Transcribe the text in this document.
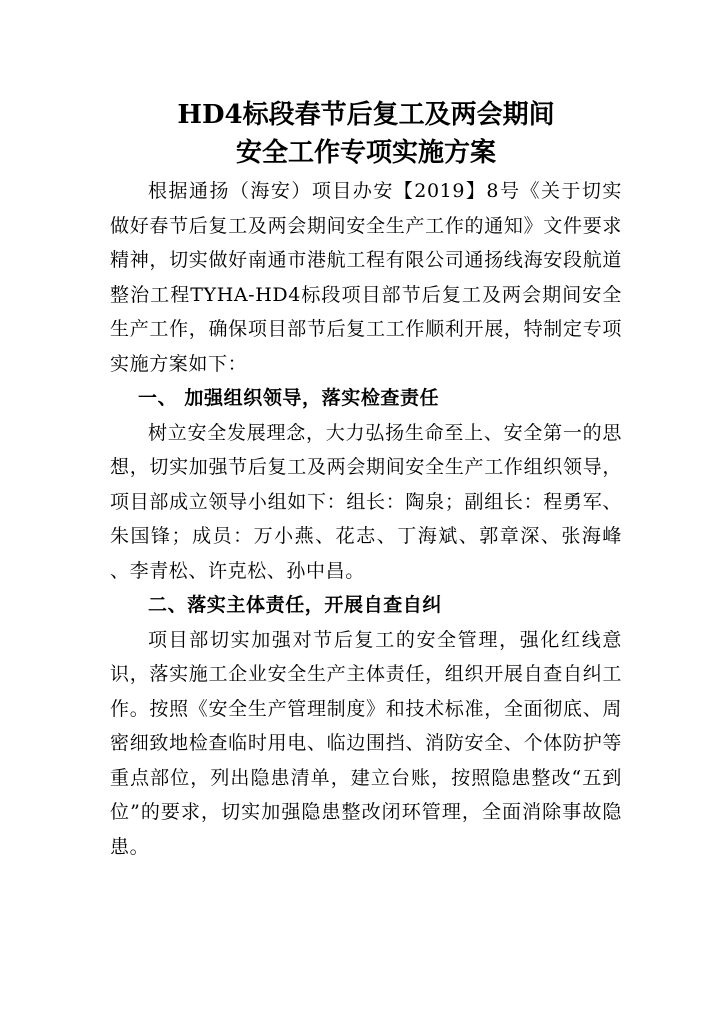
HD4标段春节后复工及两会期间
安全工作专项实施方案

根据通扬（海安）项目办安【2019】8号《关于切实做好春节后复工及两会期间安全生产工作的通知》文件要求精神，切实做好南通市港航工程有限公司通扬线海安段航道整治工程TYHA-HD4标段项目部节后复工及两会期间安全生产工作，确保项目部节后复工工作顺利开展，特制定专项实施方案如下：

一、 加强组织领导，落实检查责任

树立安全发展理念，大力弘扬生命至上、安全第一的思想，切实加强节后复工及两会期间安全生产工作组织领导，项目部成立领导小组如下：组长：陶泉；副组长：程勇军、朱国锋；成员：万小燕、花志、丁海斌、郭章深、张海峰 、李青松、许克松、孙中昌。

二、落实主体责任，开展自查自纠

项目部切实加强对节后复工的安全管理，强化红线意识，落实施工企业安全生产主体责任，组织开展自查自纠工作。按照《安全生产管理制度》和技术标准，全面彻底、周密细致地检查临时用电、临边围挡、消防安全、个体防护等重点部位，列出隐患清单，建立台账，按照隐患整改“五到位”的要求，切实加强隐患整改闭环管理，全面消除事故隐患。
